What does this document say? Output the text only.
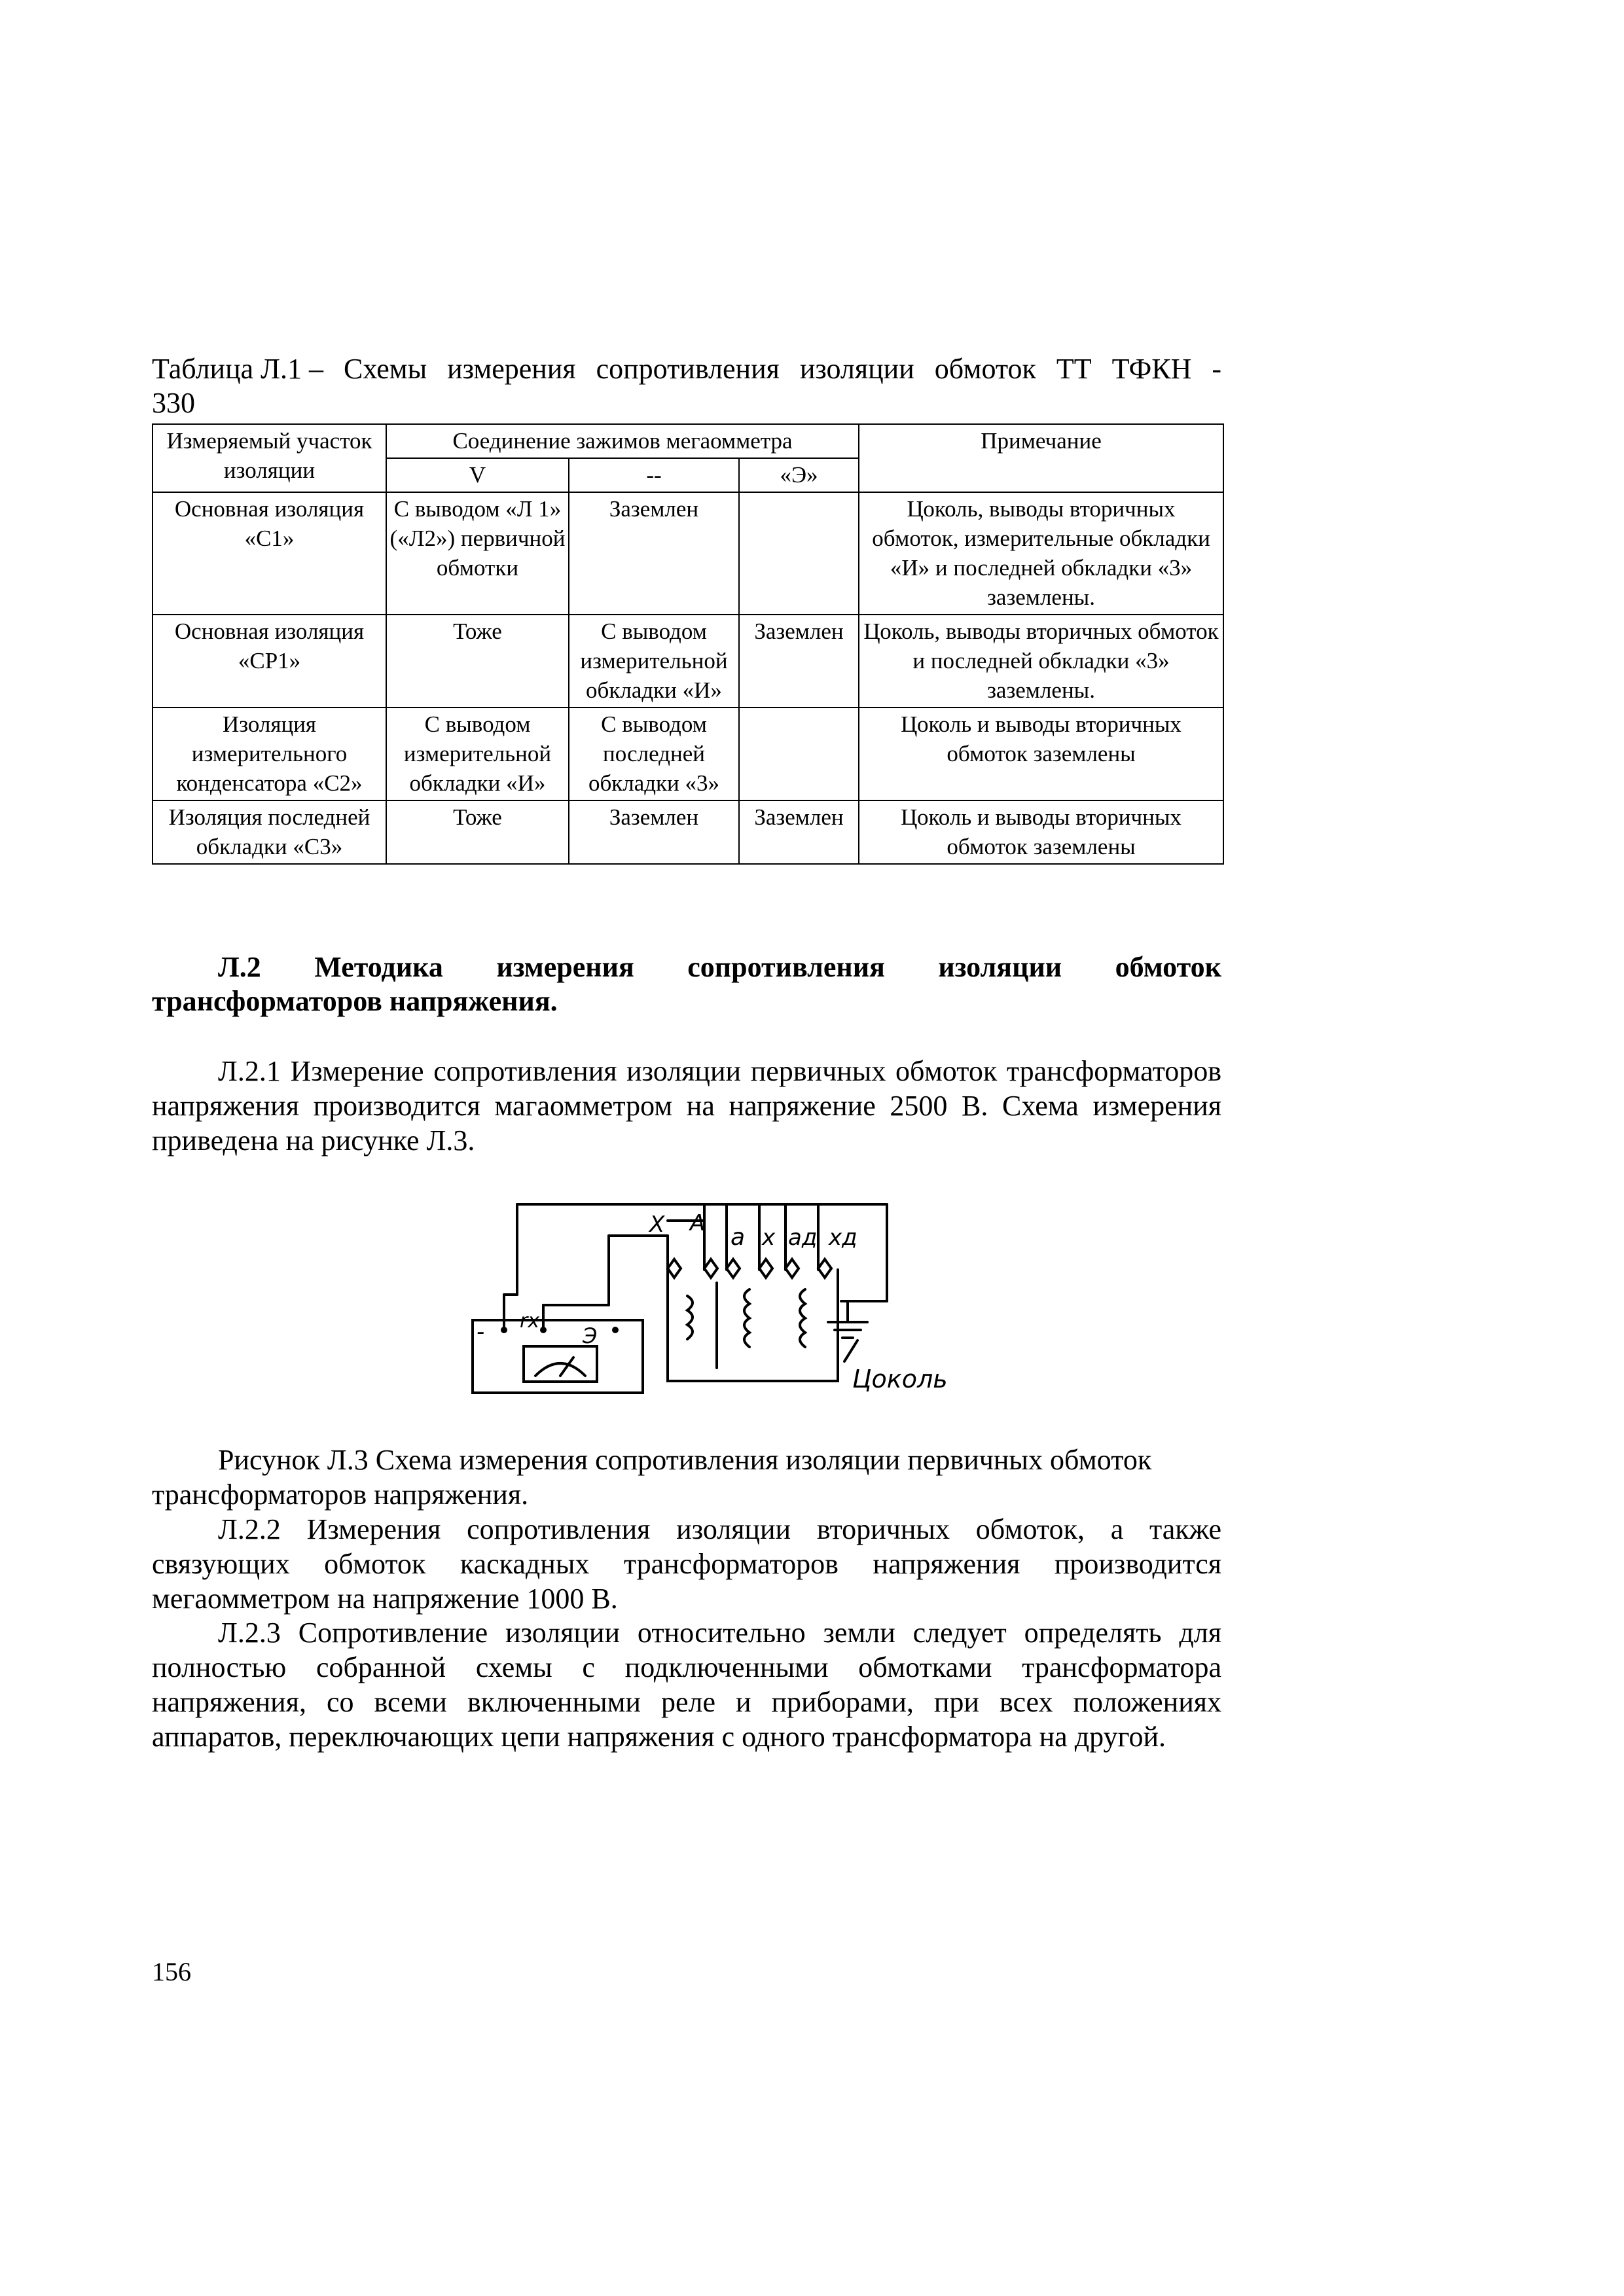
Таблица Л.1 – Схемы измерения сопротивления изоляции обмоток ТТ ТФКН -
330
Измеряемый участок изоляции	Соединение зажимов мегаомметра			Примечание
	V	--	«Э»	
Основная изоляция «С1»	С выводом «Л 1» («Л2») первичной обмотки	Заземлен		Цоколь, выводы вторичных обмоток, измерительные обкладки «И» и последней обкладки «3» заземлены.
Основная изоляция «СР1»	Тоже	С выводом измерительной обкладки «И»	Заземлен	Цоколь, выводы вторичных обмоток и последней обкладки «3» заземлены.
Изоляция измерительного конденсатора «С2»	С выводом измерительной обкладки «И»	С выводом последней обкладки «3»		Цоколь и выводы вторичных обмоток заземлены
Изоляция последней обкладки «С3»	Тоже	Заземлен	Заземлен	Цоколь и выводы вторичных обмоток заземлены
Л.2 Методика измерения сопротивления изоляции обмоток
трансформаторов напряжения.
Л.2.1 Измерение сопротивления изоляции первичных обмоток трансформаторов напряжения производится магаомметром на напряжение 2500 В. Схема измерения приведена на рисунке Л.3.
X A
a x aд xд
- rx
Э
Цоколь
Рисунок Л.3 Схема измерения сопротивления изоляции первичных обмоток трансформаторов напряжения.
Л.2.2 Измерения сопротивления изоляции вторичных обмоток, а также связующих обмоток каскадных трансформаторов напряжения производится мегаомметром на напряжение 1000 В.
Л.2.3 Сопротивление изоляции относительно земли следует определять для полностью собранной схемы с подключенными обмотками трансформатора напряжения, со всеми включенными реле и приборами, при всех положениях аппаратов, переключающих цепи напряжения с одного трансформатора на другой.
156
